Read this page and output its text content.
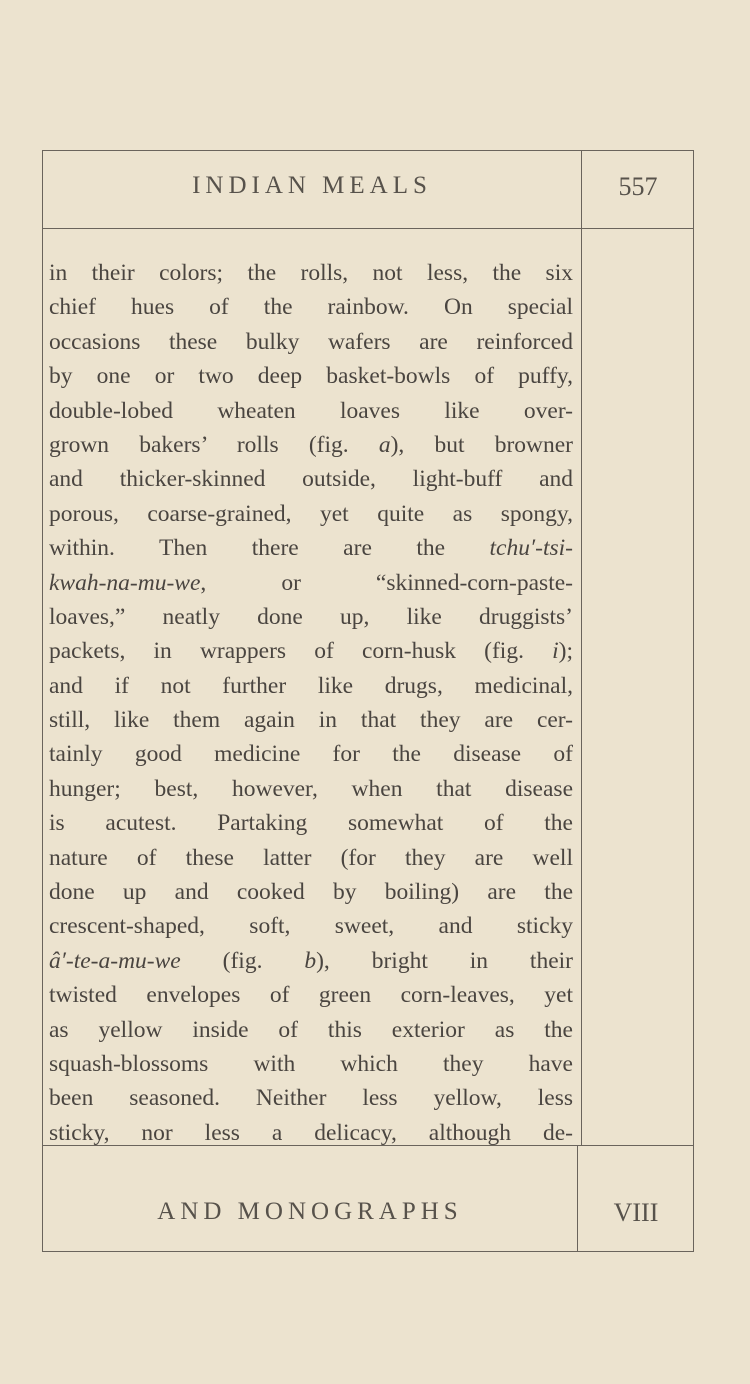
INDIAN MEALS	557
in their colors; the rolls, not less, the six
chief hues of the rainbow. On special
occasions these bulky wafers are reinforced
by one or two deep basket-bowls of puffy,
double-lobed wheaten loaves like over-
grown bakers’ rolls (fig. a), but browner
and thicker-skinned outside, light-buff and
porous, coarse-grained, yet quite as spongy,
within. Then there are the tchu′-tsi-
kwah-na-mu-we, or “skinned-corn-paste-
loaves,” neatly done up, like druggists’
packets, in wrappers of corn-husk (fig. i);
and if not further like drugs, medicinal,
still, like them again in that they are cer-
tainly good medicine for the disease of
hunger; best, however, when that disease
is acutest. Partaking somewhat of the
nature of these latter (for they are well
done up and cooked by boiling) are the
crescent-shaped, soft, sweet, and sticky
â′-te-a-mu-we (fig. b), bright in their
twisted envelopes of green corn-leaves, yet
as yellow inside of this exterior as the
squash-blossoms with which they have
been seasoned. Neither less yellow, less
sticky, nor less a delicacy, although de-
AND MONOGRAPHS	VIII
